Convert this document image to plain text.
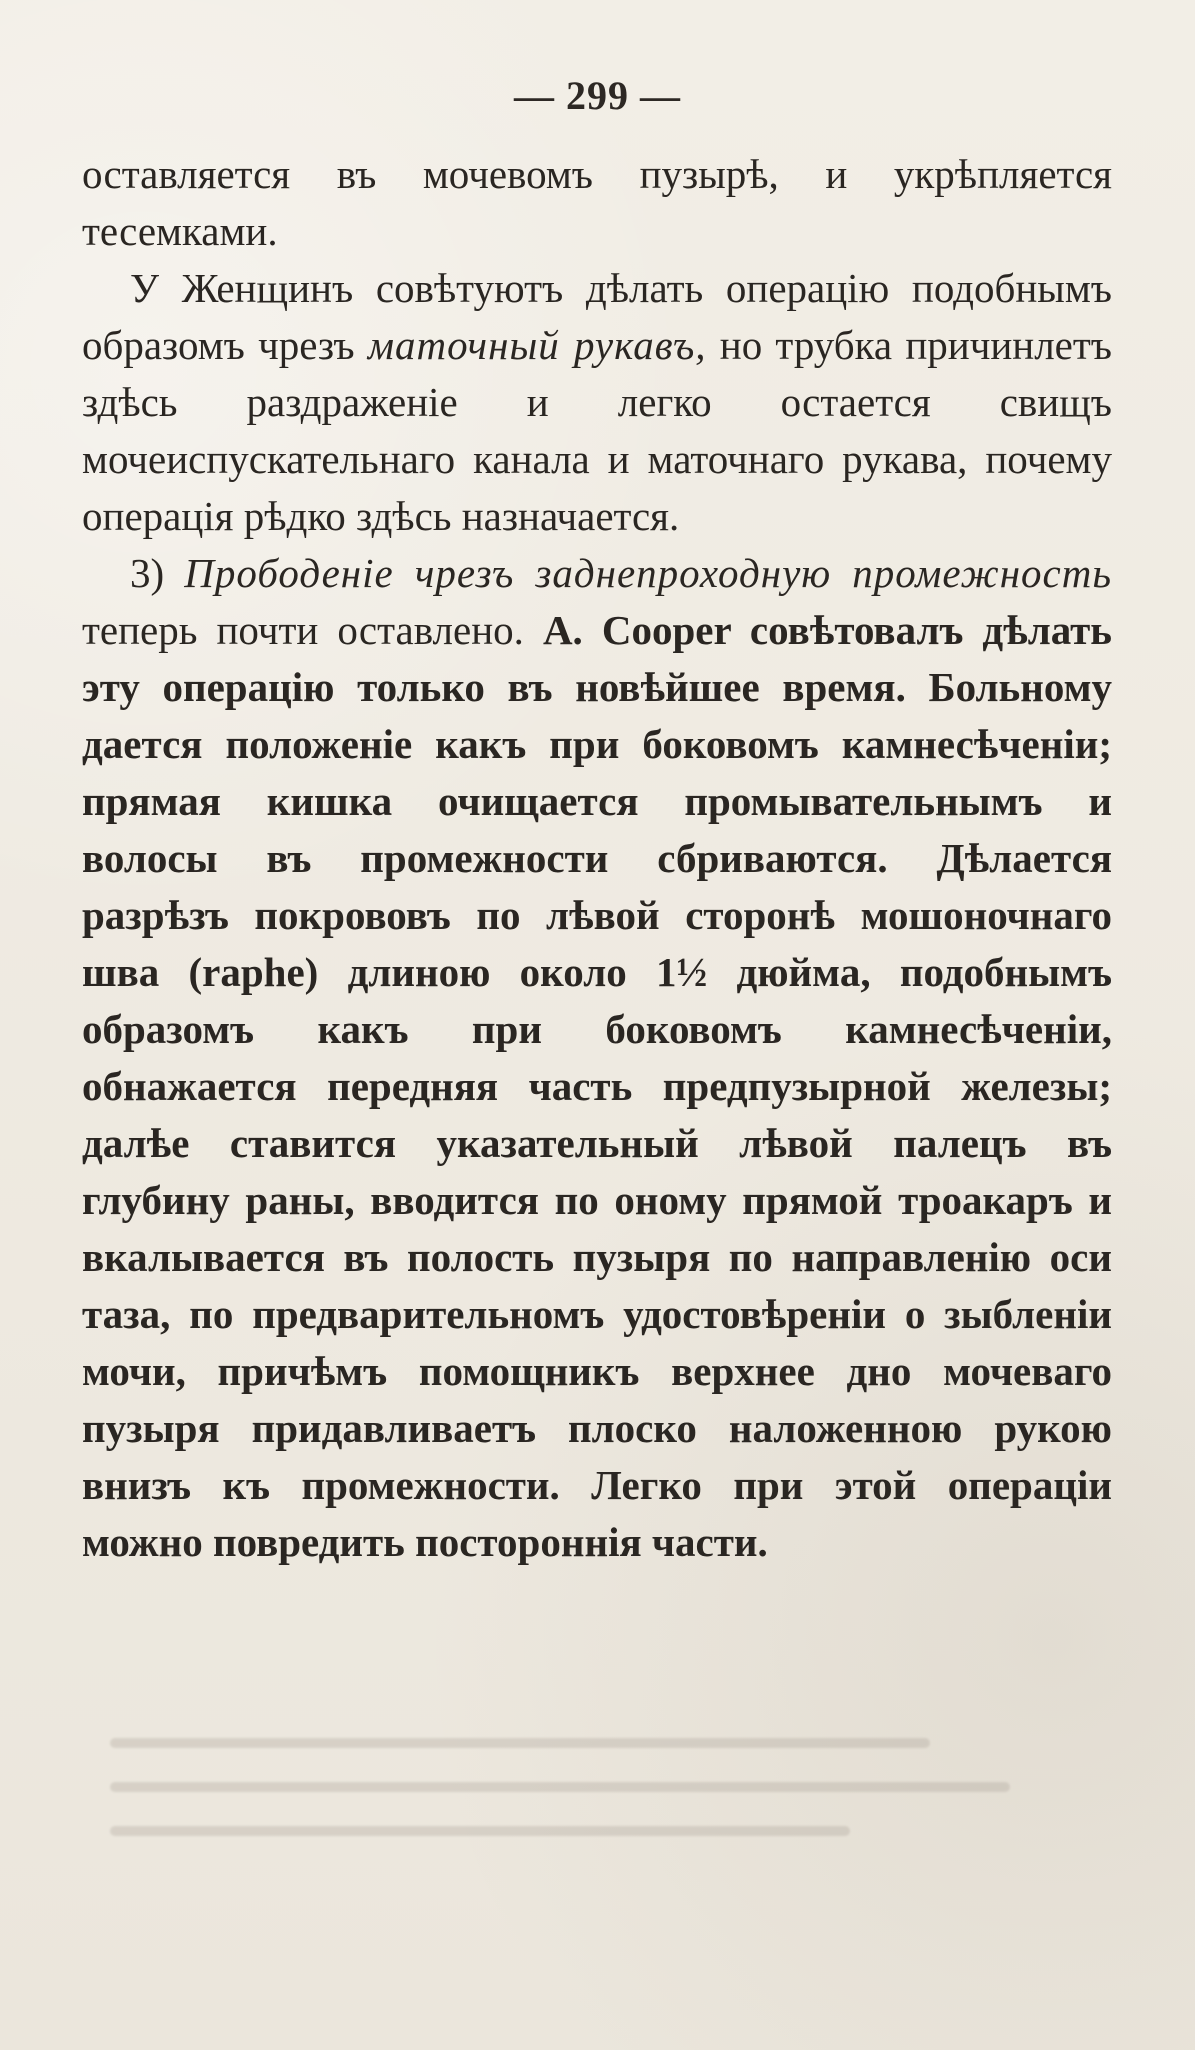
— 299 —

оставляется въ мочевомъ пузырѣ, и укрѣпляется тесемками.

У Женщинъ совѣтуютъ дѣлать операцію подобнымъ образомъ чрезъ маточный рукавъ, но трубка причинлетъ здѣсь раздраженіе и легко остается свищъ мочеиспускательнаго канала и маточнаго рукава, почему операція рѣдко здѣсь назначается.

3) Прободеніе чрезъ заднепроходную промежность теперь почти оставлено. А. Cooper совѣтовалъ дѣлать эту операцію только въ новѣйшее время. Больному дается положеніе какъ при боковомъ камнесѣченіи; прямая кишка очищается промывательнымъ и волосы въ промежности сбриваются. Дѣлается разрѣзъ покрововъ по лѣвой сторонѣ мошоночнаго шва (raphe) длиною около 1½ дюйма, подобнымъ образомъ какъ при боковомъ камнесѣченіи, обнажается передняя часть предпузырной железы; далѣе ставится указательный лѣвой палецъ въ глубину раны, вводится по оному прямой троакаръ и вкалывается въ полость пузыря по направленію оси таза, по предварительномъ удостовѣреніи о зыбленіи мочи, причѣмъ помощникъ верхнее дно мочеваго пузыря придавливаетъ плоско наложенною рукою внизъ къ промежности. Легко при этой операціи можно повредить постороннія части.
